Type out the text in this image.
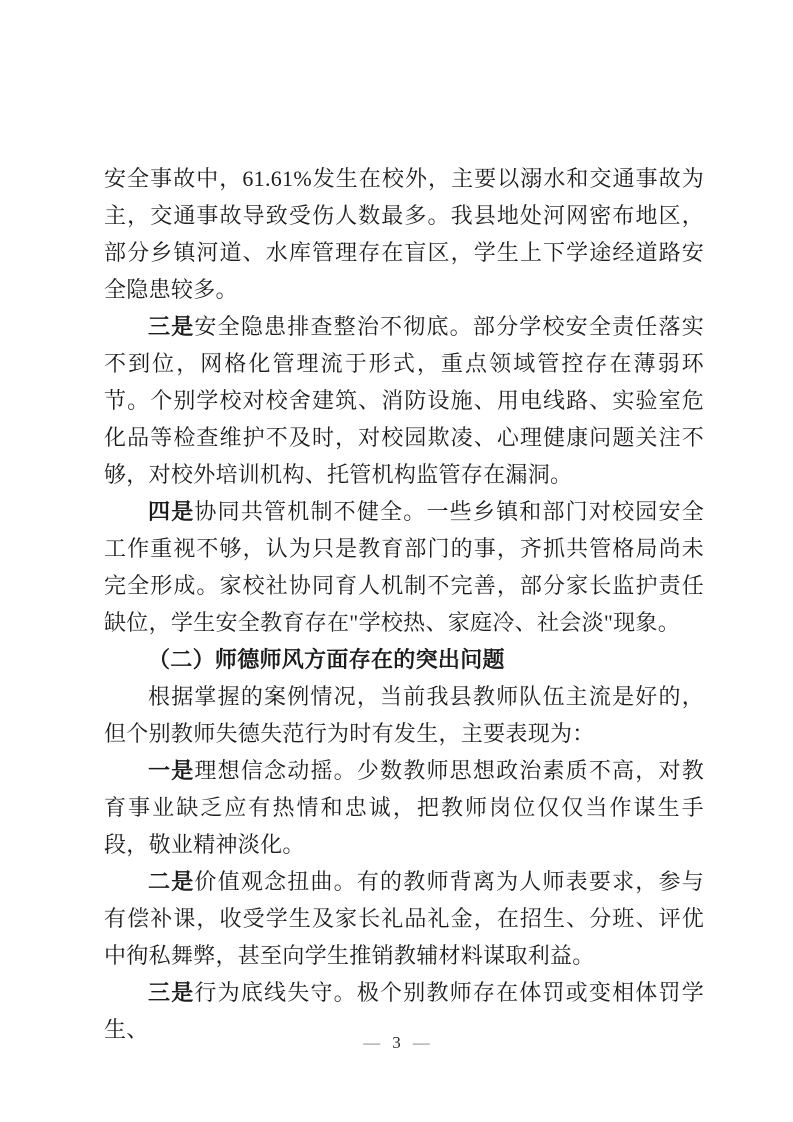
安全事故中，61.61%发生在校外，主要以溺水和交通事故为主，交通事故导致受伤人数最多。我县地处河网密布地区，部分乡镇河道、水库管理存在盲区，学生上下学途经道路安全隐患较多。

三是安全隐患排查整治不彻底。部分学校安全责任落实不到位，网格化管理流于形式，重点领域管控存在薄弱环节。个别学校对校舍建筑、消防设施、用电线路、实验室危化品等检查维护不及时，对校园欺凌、心理健康问题关注不够，对校外培训机构、托管机构监管存在漏洞。

四是协同共管机制不健全。一些乡镇和部门对校园安全工作重视不够，认为只是教育部门的事，齐抓共管格局尚未完全形成。家校社协同育人机制不完善，部分家长监护责任缺位，学生安全教育存在"学校热、家庭冷、社会淡"现象。

（二）师德师风方面存在的突出问题

根据掌握的案例情况，当前我县教师队伍主流是好的，但个别教师失德失范行为时有发生，主要表现为：

一是理想信念动摇。少数教师思想政治素质不高，对教育事业缺乏应有热情和忠诚，把教师岗位仅仅当作谋生手段，敬业精神淡化。

二是价值观念扭曲。有的教师背离为人师表要求，参与有偿补课，收受学生及家长礼品礼金，在招生、分班、评优中徇私舞弊，甚至向学生推销教辅材料谋取利益。

三是行为底线失守。极个别教师存在体罚或变相体罚学生、

— 3 —
